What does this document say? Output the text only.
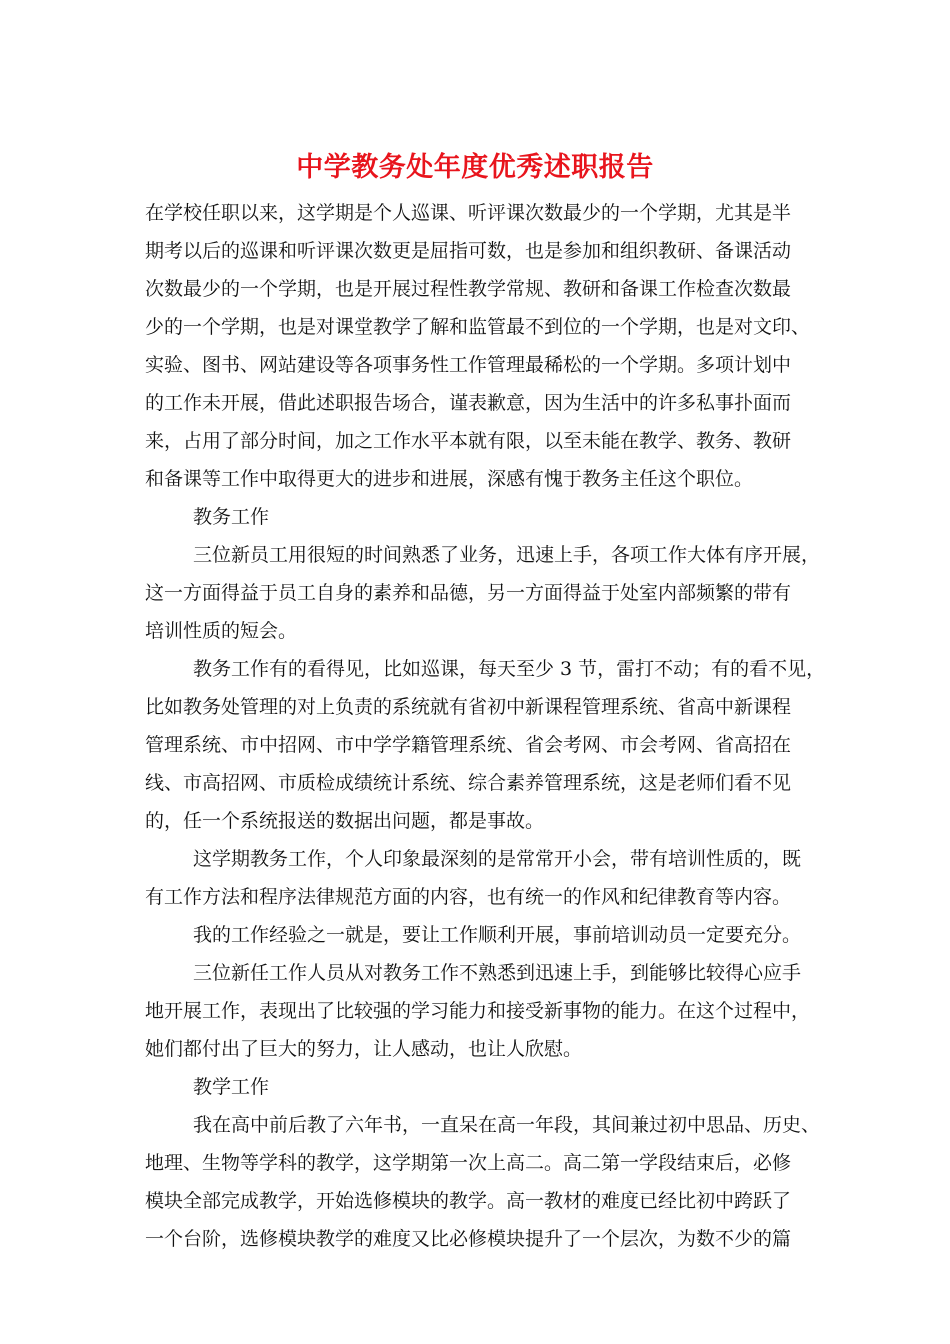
中学教务处年度优秀述职报告
在学校任职以来，这学期是个人巡课、听评课次数最少的一个学期，尤其是半
期考以后的巡课和听评课次数更是屈指可数，也是参加和组织教研、备课活动
次数最少的一个学期，也是开展过程性教学常规、教研和备课工作检查次数最
少的一个学期，也是对课堂教学了解和监管最不到位的一个学期，也是对文印、
实验、图书、网站建设等各项事务性工作管理最稀松的一个学期。多项计划中
的工作未开展，借此述职报告场合，谨表歉意，因为生活中的许多私事扑面而
来，占用了部分时间，加之工作水平本就有限，以至未能在教学、教务、教研
和备课等工作中取得更大的进步和进展，深感有愧于教务主任这个职位。
教务工作
三位新员工用很短的时间熟悉了业务，迅速上手，各项工作大体有序开展，
这一方面得益于员工自身的素养和品德，另一方面得益于处室内部频繁的带有
培训性质的短会。
教务工作有的看得见，比如巡课，每天至少 3 节，雷打不动；有的看不见，
比如教务处管理的对上负责的系统就有省初中新课程管理系统、省高中新课程
管理系统、市中招网、市中学学籍管理系统、省会考网、市会考网、省高招在
线、市高招网、市质检成绩统计系统、综合素养管理系统，这是老师们看不见
的，任一个系统报送的数据出问题，都是事故。
这学期教务工作，个人印象最深刻的是常常开小会，带有培训性质的，既
有工作方法和程序法律规范方面的内容，也有统一的作风和纪律教育等内容。
我的工作经验之一就是，要让工作顺利开展，事前培训动员一定要充分。
三位新任工作人员从对教务工作不熟悉到迅速上手，到能够比较得心应手
地开展工作，表现出了比较强的学习能力和接受新事物的能力。在这个过程中，
她们都付出了巨大的努力，让人感动，也让人欣慰。
教学工作
我在高中前后教了六年书，一直呆在高一年段，其间兼过初中思品、历史、
地理、生物等学科的教学，这学期第一次上高二。高二第一学段结束后，必修
模块全部完成教学，开始选修模块的教学。高一教材的难度已经比初中跨跃了
一个台阶，选修模块教学的难度又比必修模块提升了一个层次，为数不少的篇
